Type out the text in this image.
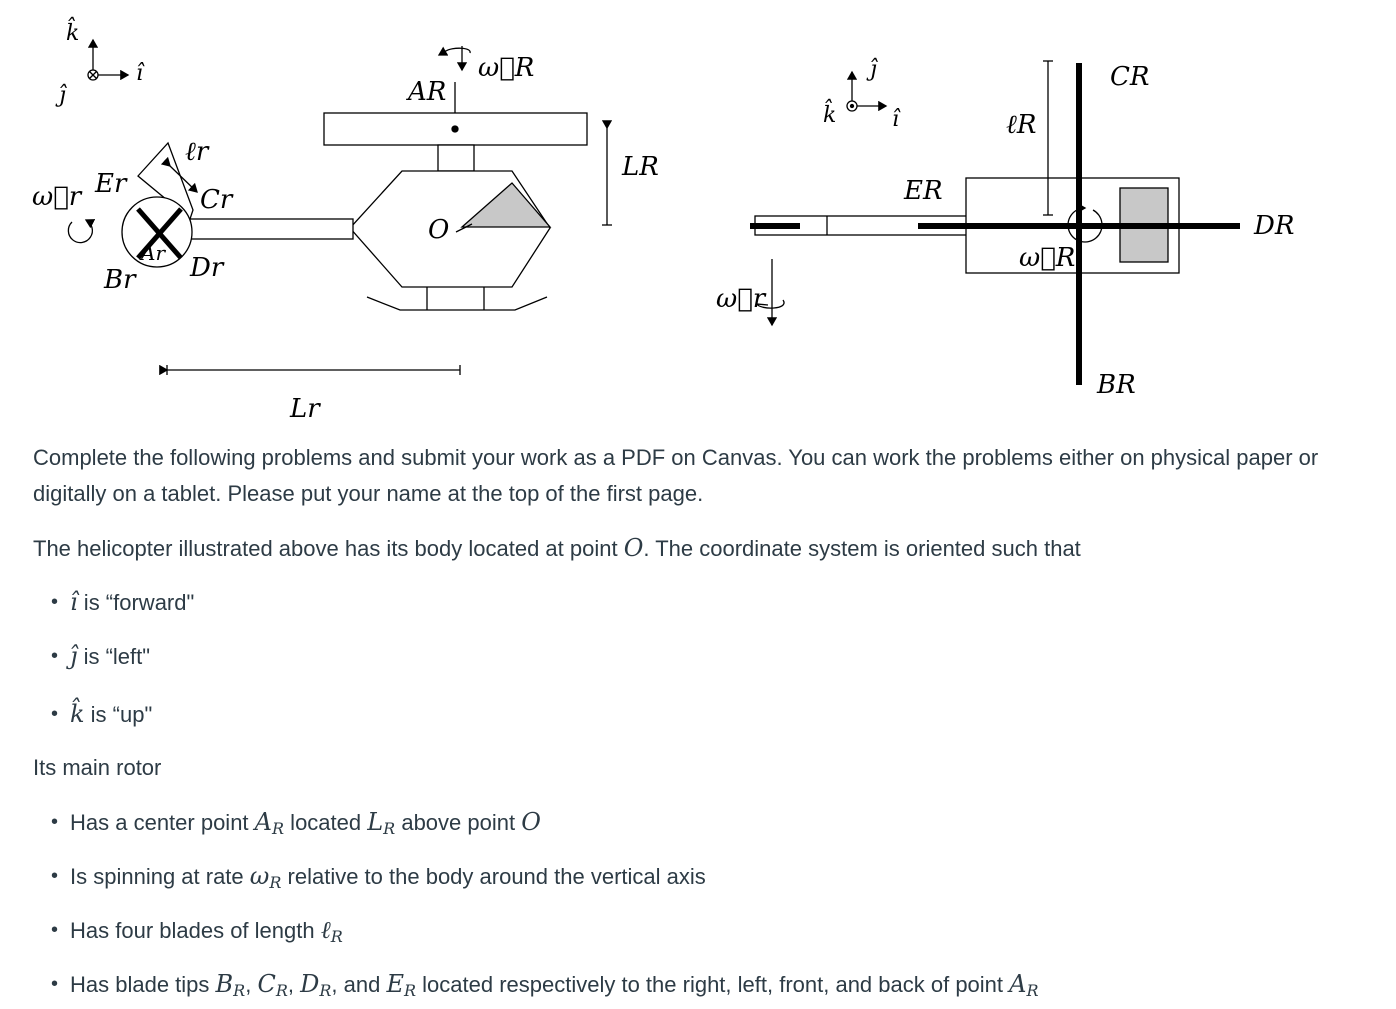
k̂
ĵ
î
AR
ω⃗R
LR
O
ℓr
Cr
Er
ω⃗r
Ar Dr
Br
Lr
ĵ
k̂	î	ℓR
CR
ER
DR
ω⃗R
ω⃗r
BR
Complete the following problems and submit your work as a PDF on Canvas. You can work the problems either on physical paper or digitally on a tablet. Please put your name at the top of the first page.
The helicopter illustrated above has its body located at point O. The coordinate system is oriented such that
• î is “forward"
• ĵ is “left"
• k̂ is “up"
Its main rotor
• Has a center point $A_R$ located $L_R$ above point O
• Is spinning at rate $\omega_R$ relative to the body around the vertical axis
• Has four blades of length ℓ$_R$
• Has blade tips $B_R$, $C_R$, $D_R$, and $E_R$ located respectively to the right, left, front, and back of point $A_R$
